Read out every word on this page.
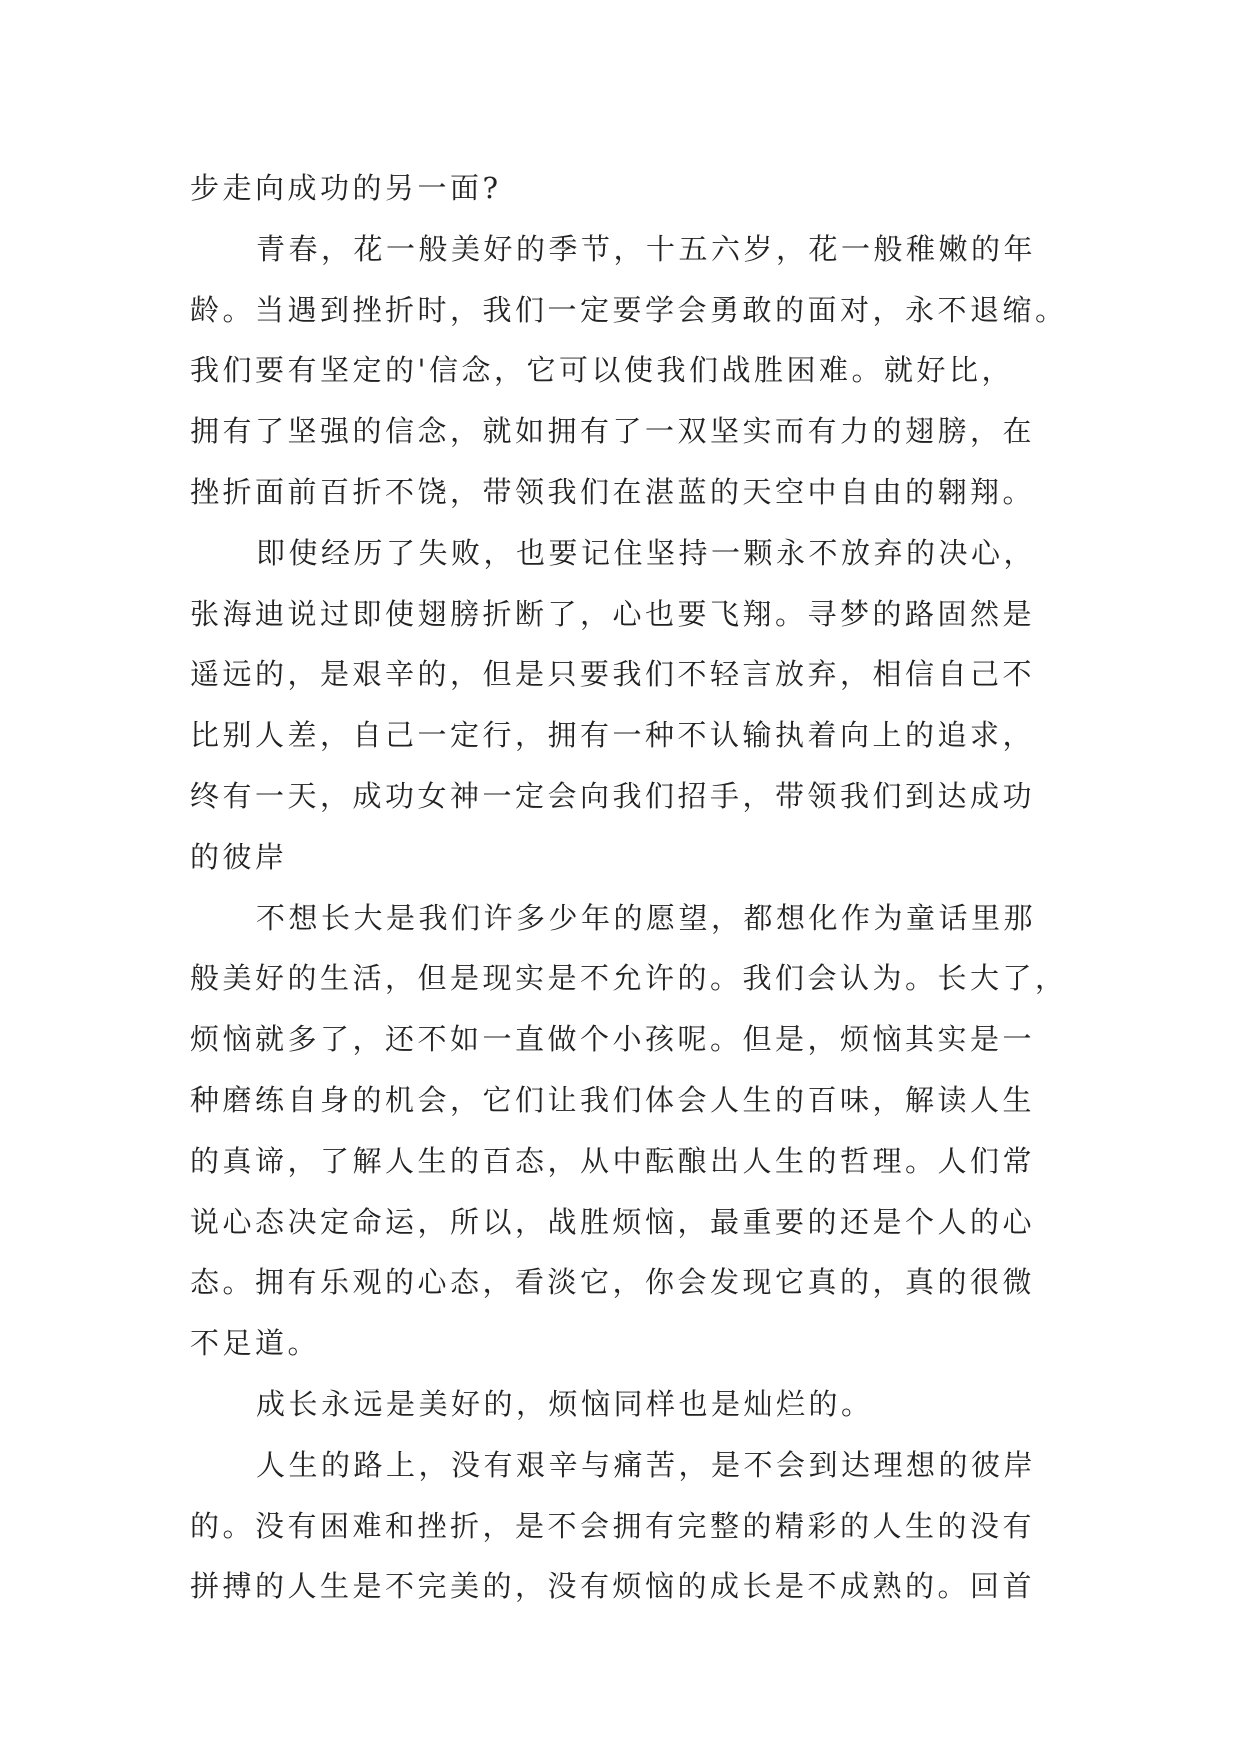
步走向成功的另一面?
青春，花一般美好的季节，十五六岁，花一般稚嫩的年
龄。当遇到挫折时，我们一定要学会勇敢的面对，永不退缩。
我们要有坚定的'信念，它可以使我们战胜困难。就好比，
拥有了坚强的信念，就如拥有了一双坚实而有力的翅膀，在
挫折面前百折不饶，带领我们在湛蓝的天空中自由的翱翔。
即使经历了失败，也要记住坚持一颗永不放弃的决心，
张海迪说过即使翅膀折断了，心也要飞翔。寻梦的路固然是
遥远的，是艰辛的，但是只要我们不轻言放弃，相信自己不
比别人差，自己一定行，拥有一种不认输执着向上的追求，
终有一天，成功女神一定会向我们招手，带领我们到达成功
的彼岸
不想长大是我们许多少年的愿望，都想化作为童话里那
般美好的生活，但是现实是不允许的。我们会认为。长大了，
烦恼就多了，还不如一直做个小孩呢。但是，烦恼其实是一
种磨练自身的机会，它们让我们体会人生的百味，解读人生
的真谛，了解人生的百态，从中酝酿出人生的哲理。人们常
说心态决定命运，所以，战胜烦恼，最重要的还是个人的心
态。拥有乐观的心态，看淡它，你会发现它真的，真的很微
不足道。
成长永远是美好的，烦恼同样也是灿烂的。
人生的路上，没有艰辛与痛苦，是不会到达理想的彼岸
的。没有困难和挫折，是不会拥有完整的精彩的人生的没有
拼搏的人生是不完美的，没有烦恼的成长是不成熟的。回首
